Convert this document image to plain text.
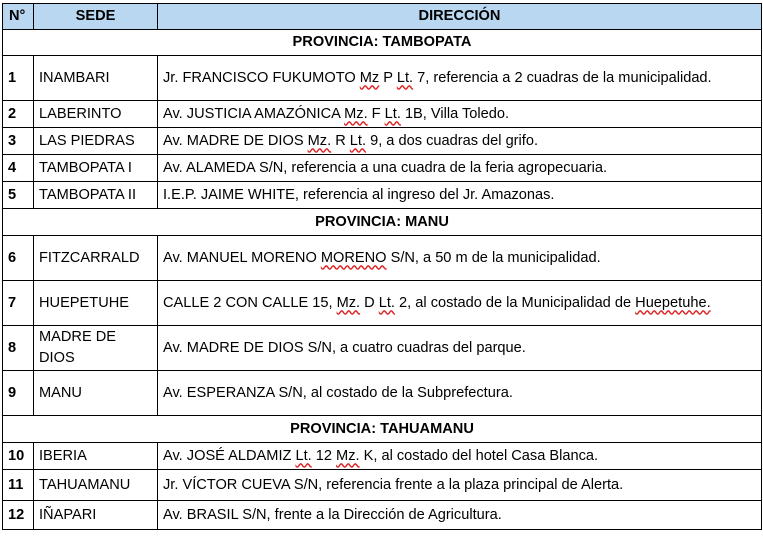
N°	SEDE	DIRECCIÓN
PROVINCIA: TAMBOPATA		
1	INAMBARI	Jr. FRANCISCO FUKUMOTO Mz P Lt. 7, referencia a 2 cuadras de la municipalidad.
2	LABERINTO	Av. JUSTICIA AMAZÓNICA Mz. F Lt. 1B, Villa Toledo.
3	LAS PIEDRAS	Av. MADRE DE DIOS Mz. R Lt. 9, a dos cuadras del grifo.
4	TAMBOPATA I	Av. ALAMEDA S/N, referencia a una cuadra de la feria agropecuaria.
5	TAMBOPATA II	I.E.P. JAIME WHITE, referencia al ingreso del Jr. Amazonas.
PROVINCIA: MANU		
6	FITZCARRALD	Av. MANUEL MORENO MORENO S/N, a 50 m de la municipalidad.
7	HUEPETUHE	CALLE 2 CON CALLE 15, Mz. D Lt. 2, al costado de la Municipalidad de Huepetuhe.
8	MADRE DE DIOS	Av. MADRE DE DIOS S/N, a cuatro cuadras del parque.
9	MANU	Av. ESPERANZA S/N, al costado de la Subprefectura.
PROVINCIA: TAHUAMANU		
10	IBERIA	Av. JOSÉ ALDAMIZ Lt. 12 Mz. K, al costado del hotel Casa Blanca.
11	TAHUAMANU	Jr. VÍCTOR CUEVA S/N, referencia frente a la plaza principal de Alerta.
12	IÑAPARI	Av. BRASIL S/N, frente a la Dirección de Agricultura.
